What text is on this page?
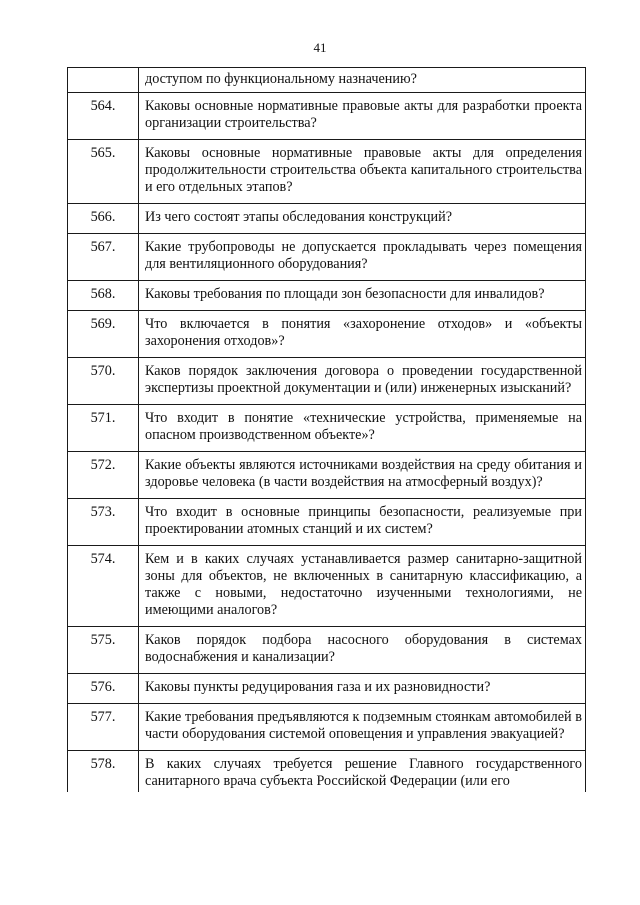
41
	доступом по функциональному назначению?
564.	Каковы основные нормативные правовые акты для разработки проекта организации строительства?
565.	Каковы основные нормативные правовые акты для определения продолжительности строительства объекта капитального строительства и его отдельных этапов?
566.	Из чего состоят этапы обследования конструкций?
567.	Какие трубопроводы не допускается прокладывать через помещения для вентиляционного оборудования?
568.	Каковы требования по площади зон безопасности для инвалидов?
569.	Что включается в понятия «захоронение отходов» и «объекты захоронения отходов»?
570.	Каков порядок заключения договора о проведении государственной экспертизы проектной документации и (или) инженерных изысканий?
571.	Что входит в понятие «технические устройства, применяемые на опасном производственном объекте»?
572.	Какие объекты являются источниками воздействия на среду обитания и здоровье человека (в части воздействия на атмосферный воздух)?
573.	Что входит в основные принципы безопасности, реализуемые при проектировании атомных станций и их систем?
574.	Кем и в каких случаях устанавливается размер санитарно-защитной зоны для объектов, не включенных в санитарную классификацию, а также с новыми, недостаточно изученными технологиями, не имеющими аналогов?
575.	Каков порядок подбора насосного оборудования в системах водоснабжения и канализации?
576.	Каковы пункты редуцирования газа и их разновидности?
577.	Какие требования предъявляются к подземным стоянкам автомобилей в части оборудования системой оповещения и управления эвакуацией?
578.	В каких случаях требуется решение Главного государственного санитарного врача субъекта Российской Федерации (или его
